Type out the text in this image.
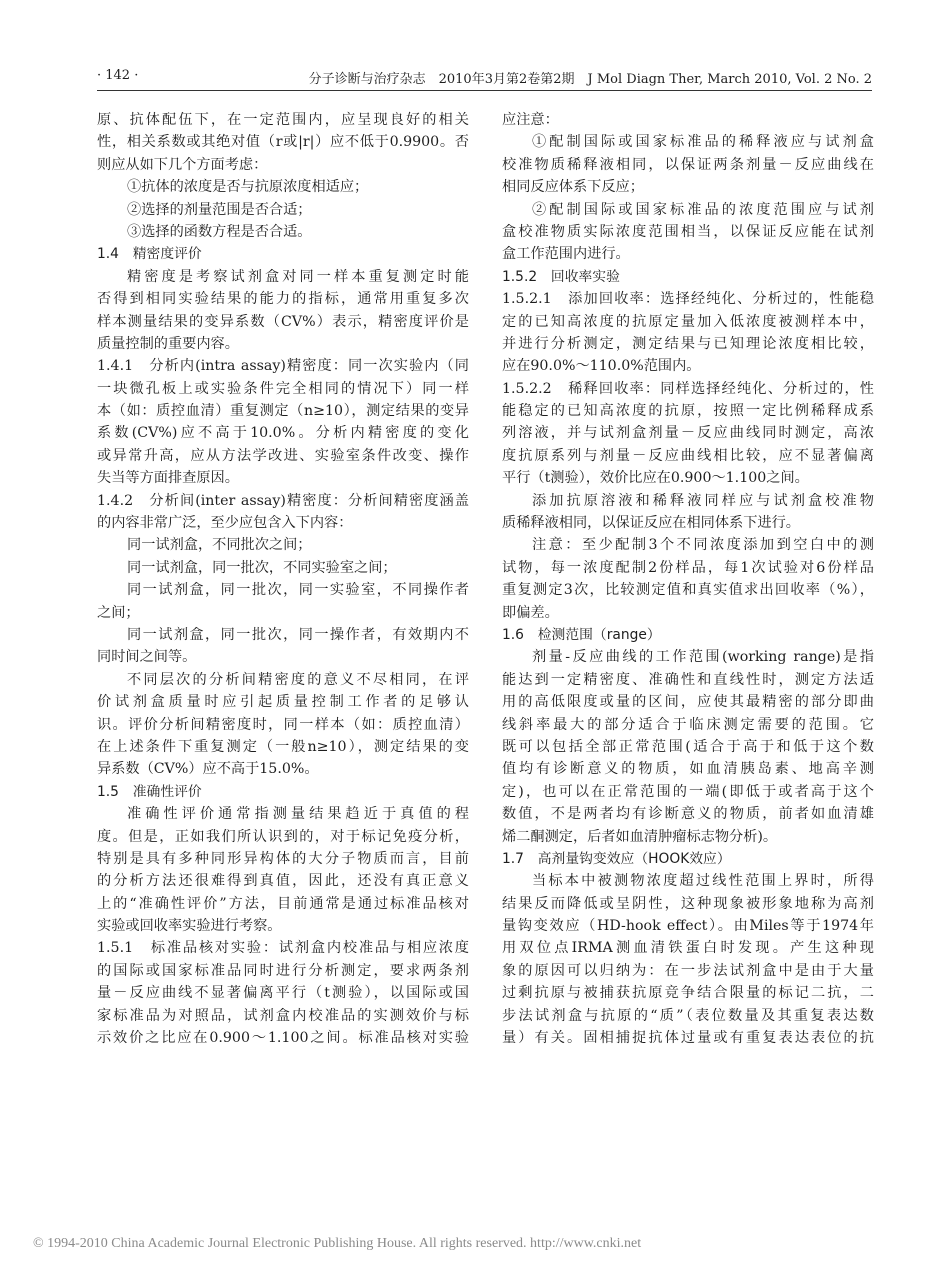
· 142 ·	分子诊断与治疗杂志　2010年3月第2卷第2期　J Mol Diagn Ther, March 2010, Vol. 2 No. 2
原、抗体配伍下，在一定范围内，应呈现良好的相关
性，相关系数或其绝对值（r或|r|）应不低于0.9900。否
则应从如下几个方面考虑：
①抗体的浓度是否与抗原浓度相适应；
②选择的剂量范围是否合适；
③选择的函数方程是否合适。
1.4　精密度评价
精密度是考察试剂盒对同一样本重复测定时能
否得到相同实验结果的能力的指标，通常用重复多次
样本测量结果的变异系数（CV%）表示，精密度评价是
质量控制的重要内容。
1.4.1　分析内(intra assay)精密度：同一次实验内（同
一块微孔板上或实验条件完全相同的情况下）同一样
本（如：质控血清）重复测定（n≥10），测定结果的变异
系数(CV%)应不高于10.0%。分析内精密度的变化
或异常升高，应从方法学改进、实验室条件改变、操作
失当等方面排查原因。
1.4.2　分析间(inter assay)精密度：分析间精密度涵盖
的内容非常广泛，至少应包含入下内容：
同一试剂盒，不同批次之间；
同一试剂盒，同一批次，不同实验室之间；
同一试剂盒，同一批次，同一实验室，不同操作者
之间；
同一试剂盒，同一批次，同一操作者，有效期内不
同时间之间等。
不同层次的分析间精密度的意义不尽相同，在评
价试剂盒质量时应引起质量控制工作者的足够认
识。评价分析间精密度时，同一样本（如：质控血清）
在上述条件下重复测定（一般n≥10），测定结果的变
异系数（CV%）应不高于15.0%。
1.5　准确性评价
准确性评价通常指测量结果趋近于真值的程
度。但是，正如我们所认识到的，对于标记免疫分析，
特别是具有多种同形异构体的大分子物质而言，目前
的分析方法还很难得到真值，因此，还没有真正意义
上的“准确性评价”方法，目前通常是通过标准品核对
实验或回收率实验进行考察。
1.5.1　标准品核对实验：试剂盒内校准品与相应浓度
的国际或国家标准品同时进行分析测定，要求两条剂
量－反应曲线不显著偏离平行（t测验），以国际或国
家标准品为对照品，试剂盒内校准品的实测效价与标
示效价之比应在0.900～1.100之间。标准品核对实验
应注意：
①配制国际或国家标准品的稀释液应与试剂盒
校准物质稀释液相同，以保证两条剂量－反应曲线在
相同反应体系下反应；
②配制国际或国家标准品的浓度范围应与试剂
盒校准物质实际浓度范围相当，以保证反应能在试剂
盒工作范围内进行。
1.5.2　回收率实验
1.5.2.1　添加回收率：选择经纯化、分析过的，性能稳
定的已知高浓度的抗原定量加入低浓度被测样本中，
并进行分析测定，测定结果与已知理论浓度相比较，
应在90.0%～110.0%范围内。
1.5.2.2　稀释回收率：同样选择经纯化、分析过的，性
能稳定的已知高浓度的抗原，按照一定比例稀释成系
列溶液，并与试剂盒剂量－反应曲线同时测定，高浓
度抗原系列与剂量－反应曲线相比较，应不显著偏离
平行（t测验），效价比应在0.900～1.100之间。
添加抗原溶液和稀释液同样应与试剂盒校准物
质稀释液相同，以保证反应在相同体系下进行。
注意：至少配制3个不同浓度添加到空白中的测
试物，每一浓度配制2份样品，每1次试验对6份样品
重复测定3次，比较测定值和真实值求出回收率（%），
即偏差。
1.6　检测范围（range）
剂量-反应曲线的工作范围(working range)是指
能达到一定精密度、准确性和直线性时，测定方法适
用的高低限度或量的区间，应使其最精密的部分即曲
线斜率最大的部分适合于临床测定需要的范围。它
既可以包括全部正常范围(适合于高于和低于这个数
值均有诊断意义的物质，如血清胰岛素、地高辛测
定)，也可以在正常范围的一端(即低于或者高于这个
数值，不是两者均有诊断意义的物质，前者如血清雄
烯二酮测定，后者如血清肿瘤标志物分析)。
1.7　高剂量钩变效应（HOOK效应）
当标本中被测物浓度超过线性范围上界时，所得
结果反而降低或呈阴性，这种现象被形象地称为高剂
量钩变效应（HD-hook effect）。由Miles等于1974年
用双位点IRMA测血清铁蛋白时发现。产生这种现
象的原因可以归纳为：在一步法试剂盒中是由于大量
过剩抗原与被捕获抗原竞争结合限量的标记二抗，二
步法试剂盒与抗原的“质”（表位数量及其重复表达数
量）有关。固相捕捉抗体过量或有重复表达表位的抗
© 1994-2010 China Academic Journal Electronic Publishing House. All rights reserved. http://www.cnki.net
